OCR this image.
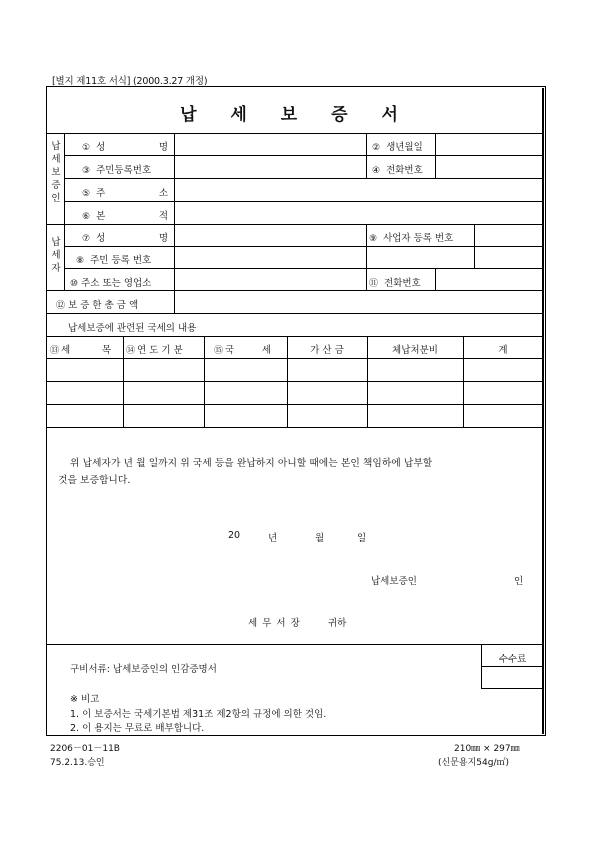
[별지 제11호 서식] (2000.3.27 개정)
납 세 보 증 서
납세보증인
① 성 명	② 생년월일
③ 주민등록번호	④ 전화번호
⑤ 주 소
⑥ 본 적
납세자
⑦ 성 명	⑨ 사업자 등록 번호
⑧ 주민 등록 번호
⑩ 주소 또는 영업소	⑪ 전화번호
⑫ 보 증 한 총 금 액
납세보증에 관련된 국세의 내용
⑬ 세 목	⑭ 연 도 기 분	⑮ 국 세	가 산 금	체납처분비	계
위 납세자가 년 월 일까지 위 국세 등을 완납하지 아니할 때에는 본인 책임하에 납부할
것을 보증합니다.
20	년	월	일
납세보증인	인
세 무 서 장	귀하
구비서류: 납세보증인의 인감증명서
수수료
※ 비고
1. 이 보증서는 국세기본법 제31조 제2항의 규정에 의한 것임.
2. 이 용지는 무료로 배부합니다.
2206－01－11B
75.2.13.승인
210㎜ × 297㎜
(신문용지54g/㎡)
